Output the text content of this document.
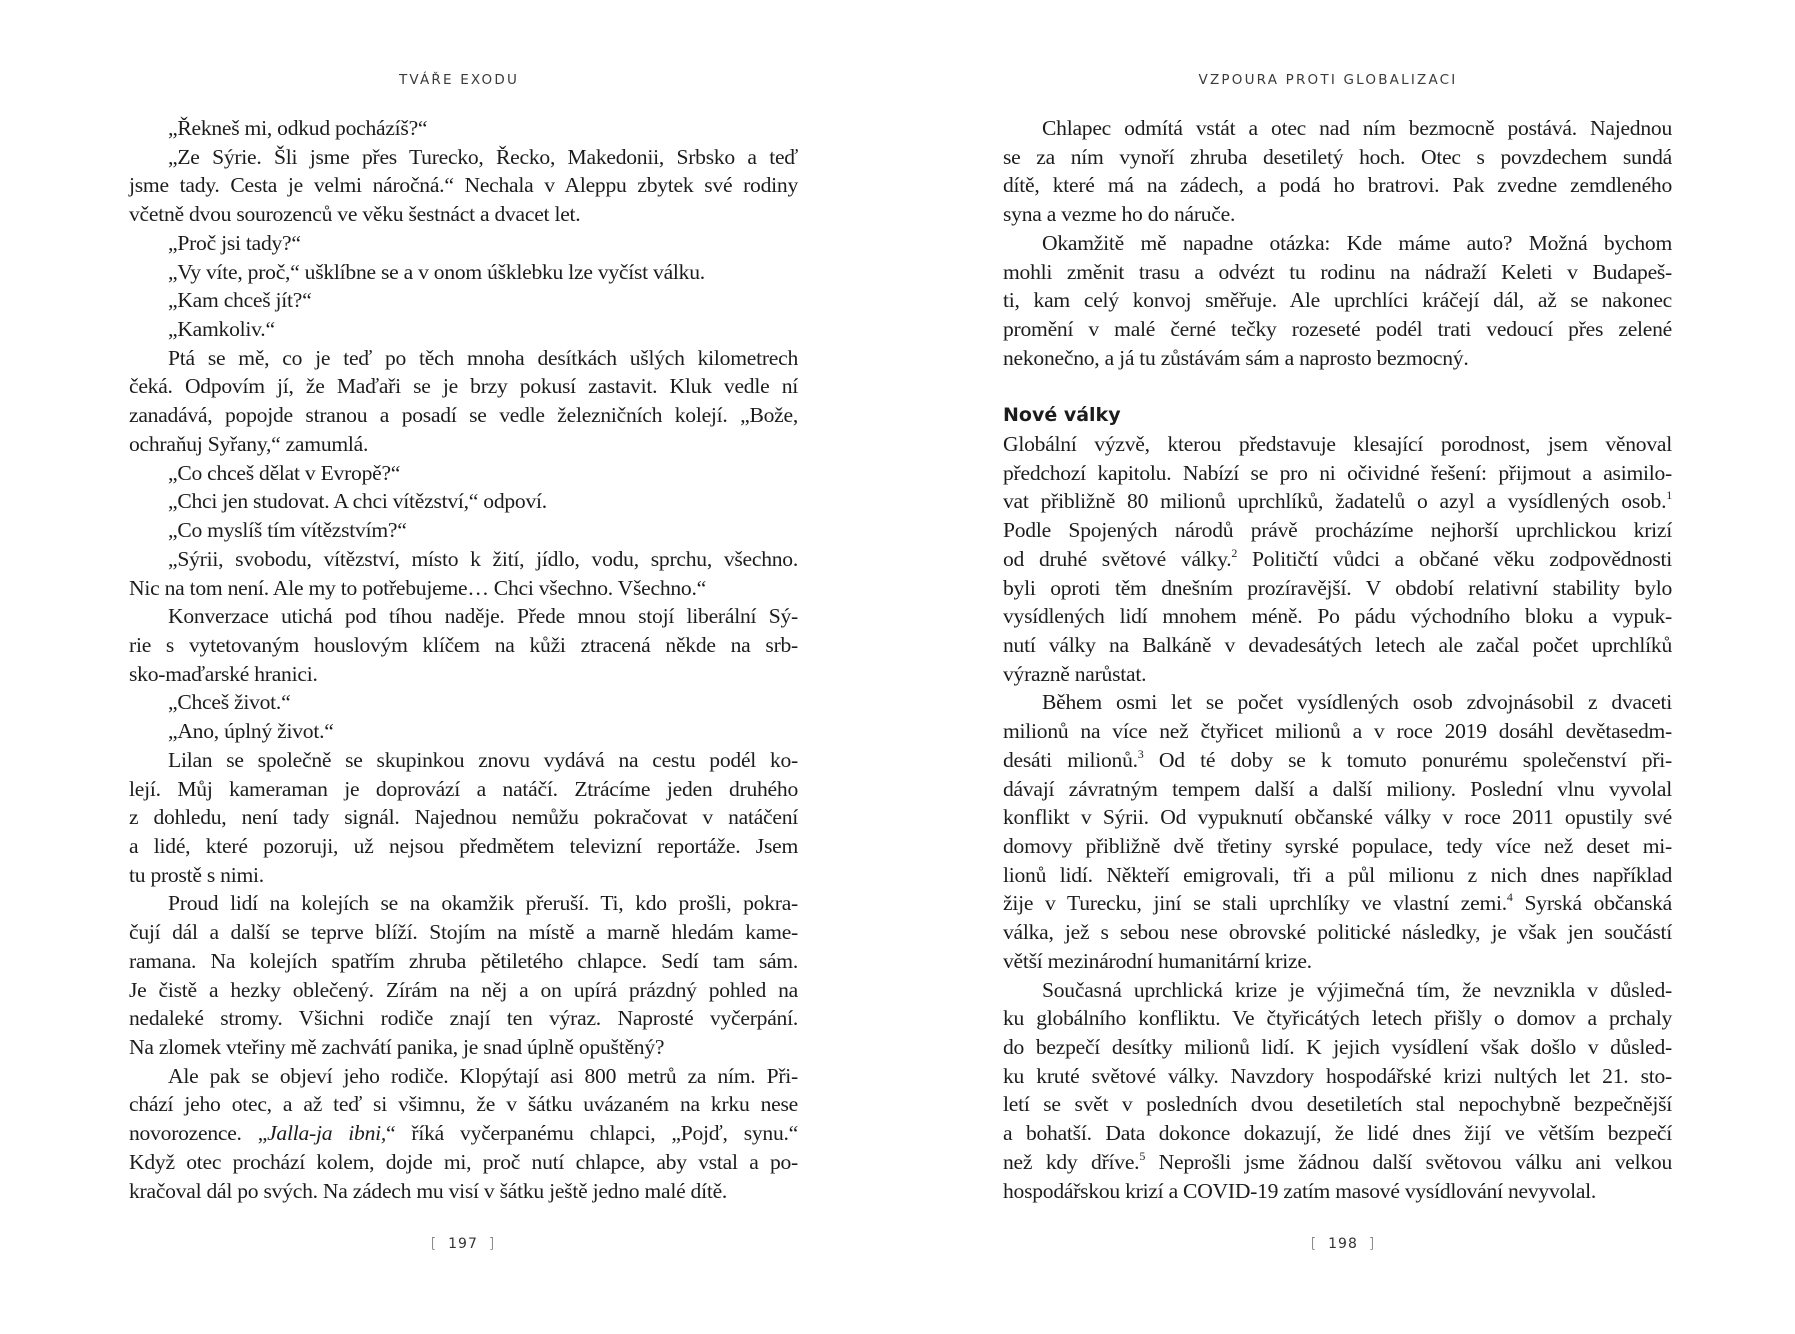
TVÁŘE EXODU
„Řekneš mi, odkud pocházíš?“
„Ze Sýrie. Šli jsme přes Turecko, Řecko, Makedonii, Srbsko a teď
jsme tady. Cesta je velmi náročná.“ Nechala v Aleppu zbytek své rodiny
včetně dvou sourozenců ve věku šestnáct a dvacet let.
„Proč jsi tady?“
„Vy víte, proč,“ ušklíbne se a v onom úšklebku lze vyčíst válku.
„Kam chceš jít?“
„Kamkoliv.“
Ptá se mě, co je teď po těch mnoha desítkách ušlých kilometrech
čeká. Odpovím jí, že Maďaři se je brzy pokusí zastavit. Kluk vedle ní
zanadává, popojde stranou a posadí se vedle železničních kolejí. „Bože,
ochraňuj Syřany,“ zamumlá.
„Co chceš dělat v Evropě?“
„Chci jen studovat. A chci vítězství,“ odpoví.
„Co myslíš tím vítězstvím?“
„Sýrii, svobodu, vítězství, místo k žití, jídlo, vodu, sprchu, všechno.
Nic na tom není. Ale my to potřebujeme… Chci všechno. Všechno.“
Konverzace utichá pod tíhou naděje. Přede mnou stojí liberální Sý-
rie s vytetovaným houslovým klíčem na kůži ztracená někde na srb-
sko-maďarské hranici.
„Chceš život.“
„Ano, úplný život.“
Lilan se společně se skupinkou znovu vydává na cestu podél ko-
lejí. Můj kameraman je doprovází a natáčí. Ztrácíme jeden druhého
z dohledu, není tady signál. Najednou nemůžu pokračovat v natáčení
a lidé, které pozoruji, už nejsou předmětem televizní reportáže. Jsem
tu prostě s nimi.
Proud lidí na kolejích se na okamžik přeruší. Ti, kdo prošli, pokra-
čují dál a další se teprve blíží. Stojím na místě a marně hledám kame-
ramana. Na kolejích spatřím zhruba pětiletého chlapce. Sedí tam sám.
Je čistě a hezky oblečený. Zírám na něj a on upírá prázdný pohled na
nedaleké stromy. Všichni rodiče znají ten výraz. Naprosté vyčerpání.
Na zlomek vteřiny mě zachvátí panika, je snad úplně opuštěný?
Ale pak se objeví jeho rodiče. Klopýtají asi 800 metrů za ním. Při-
chází jeho otec, a až teď si všimnu, že v šátku uvázaném na krku nese
novorozence. „Jalla-ja ibni,“ říká vyčerpanému chlapci, „Pojď, synu.“
Když otec prochází kolem, dojde mi, proč nutí chlapce, aby vstal a po-
kračoval dál po svých. Na zádech mu visí v šátku ještě jedno malé dítě.
[ 197 ]
VZPOURA PROTI GLOBALIZACI
Chlapec odmítá vstát a otec nad ním bezmocně postává. Najednou
se za ním vynoří zhruba desetiletý hoch. Otec s povzdechem sundá
dítě, které má na zádech, a podá ho bratrovi. Pak zvedne zemdleného
syna a vezme ho do náruče.
Okamžitě mě napadne otázka: Kde máme auto? Možná bychom
mohli změnit trasu a odvézt tu rodinu na nádraží Keleti v Budapeš-
ti, kam celý konvoj směřuje. Ale uprchlíci kráčejí dál, až se nakonec
promění v malé černé tečky rozeseté podél trati vedoucí přes zelené
nekonečno, a já tu zůstávám sám a naprosto bezmocný.

Nové války
Globální výzvě, kterou představuje klesající porodnost, jsem věnoval
předchozí kapitolu. Nabízí se pro ni očividné řešení: přijmout a asimilo-
vat přibližně 80 milionů uprchlíků, žadatelů o azyl a vysídlených osob.$^1$
Podle Spojených národů právě procházíme nejhorší uprchlickou krizí
od druhé světové války.$^2$ Političtí vůdci a občané věku zodpovědnosti
byli oproti těm dnešním prozíravější. V období relativní stability bylo
vysídlených lidí mnohem méně. Po pádu východního bloku a vypuk-
nutí války na Balkáně v devadesátých letech ale začal počet uprchlíků
výrazně narůstat.
Během osmi let se počet vysídlených osob zdvojnásobil z dvaceti
milionů na více než čtyřicet milionů a v roce 2019 dosáhl devětasedm-
desáti milionů.$^3$ Od té doby se k tomuto ponurému společenství při-
dávají závratným tempem další a další miliony. Poslední vlnu vyvolal
konflikt v Sýrii. Od vypuknutí občanské války v roce 2011 opustily své
domovy přibližně dvě třetiny syrské populace, tedy více než deset mi-
lionů lidí. Někteří emigrovali, tři a půl milionu z nich dnes například
žije v Turecku, jiní se stali uprchlíky ve vlastní zemi.$^4$ Syrská občanská
válka, jež s sebou nese obrovské politické následky, je však jen součástí
větší mezinárodní humanitární krize.
Současná uprchlická krize je výjimečná tím, že nevznikla v důsled-
ku globálního konfliktu. Ve čtyřicátých letech přišly o domov a prchaly
do bezpečí desítky milionů lidí. K jejich vysídlení však došlo v důsled-
ku kruté světové války. Navzdory hospodářské krizi nultých let 21. sto-
letí se svět v posledních dvou desetiletích stal nepochybně bezpečnější
a bohatší. Data dokonce dokazují, že lidé dnes žijí ve větším bezpečí
než kdy dříve.$^5$ Neprošli jsme žádnou další světovou válku ani velkou
hospodářskou krizí a COVID-19 zatím masové vysídlování nevyvolal.
[ 198 ]
